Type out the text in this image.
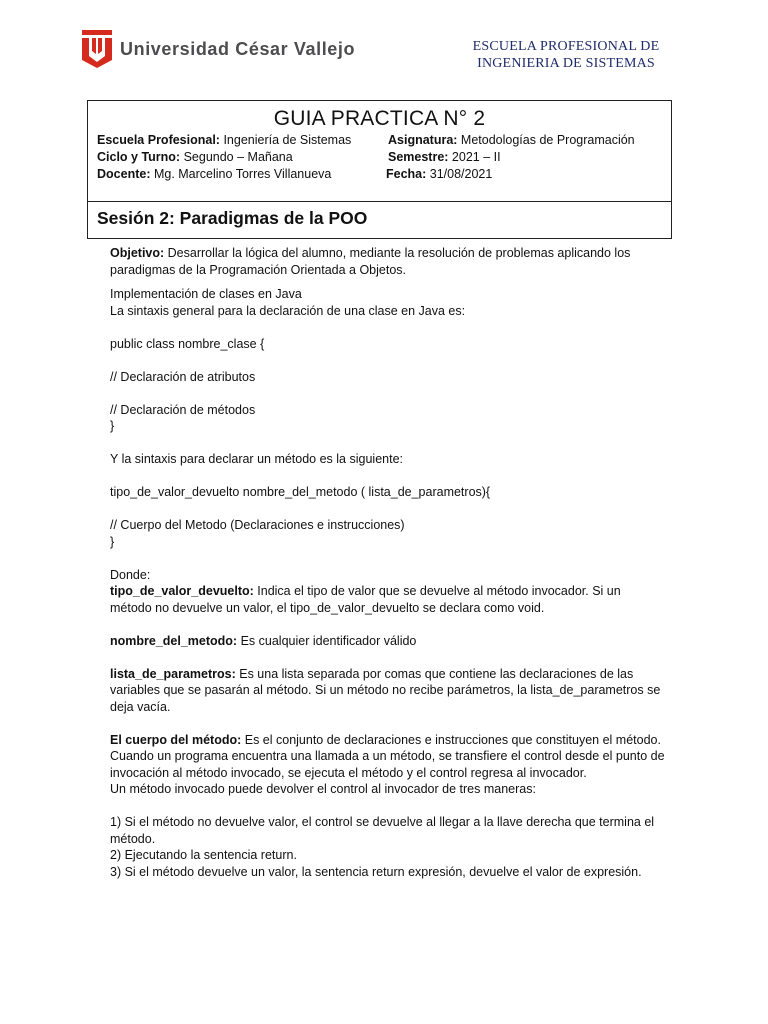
Universidad César Vallejo	ESCUELA PROFESIONAL DE
INGENIERIA DE SISTEMAS
GUIA PRACTICA N° 2
Escuela Profesional: Ingeniería de Sistemas	Asignatura: Metodologías de Programación
Ciclo y Turno: Segundo – Mañana	Semestre: 2021 – II
Docente: Mg. Marcelino Torres Villanueva	Fecha: 31/08/2021
Sesión 2: Paradigmas de la POO

Objetivo: Desarrollar la lógica del alumno, mediante la resolución de problemas aplicando los paradigmas de la Programación Orientada a Objetos.

Implementación de clases en Java

La sintaxis general para la declaración de una clase en Java es:

public class nombre_clase {

// Declaración de atributos

// Declaración de métodos

}

Y la sintaxis para declarar un método es la siguiente:

tipo_de_valor_devuelto nombre_del_metodo ( lista_de_parametros){

// Cuerpo del Metodo (Declaraciones e instrucciones)

}

Donde:

tipo_de_valor_devuelto: Indica el tipo de valor que se devuelve al método invocador. Si un método no devuelve un valor, el tipo_de_valor_devuelto se declara como void.

nombre_del_metodo: Es cualquier identificador válido

lista_de_parametros: Es una lista separada por comas que contiene las declaraciones de las variables que se pasarán al método. Si un método no recibe parámetros, la lista_de_parametros se deja vacía.

El cuerpo del método: Es el conjunto de declaraciones e instrucciones que constituyen el método. Cuando un programa encuentra una llamada a un método, se transfiere el control desde el punto de invocación al método invocado, se ejecuta el método y el control regresa al invocador.

Un método invocado puede devolver el control al invocador de tres maneras:

1) Si el método no devuelve valor, el control se devuelve al llegar a la llave derecha que termina el método.

2) Ejecutando la sentencia return.

3) Si el método devuelve un valor, la sentencia return expresión, devuelve el valor de expresión.
